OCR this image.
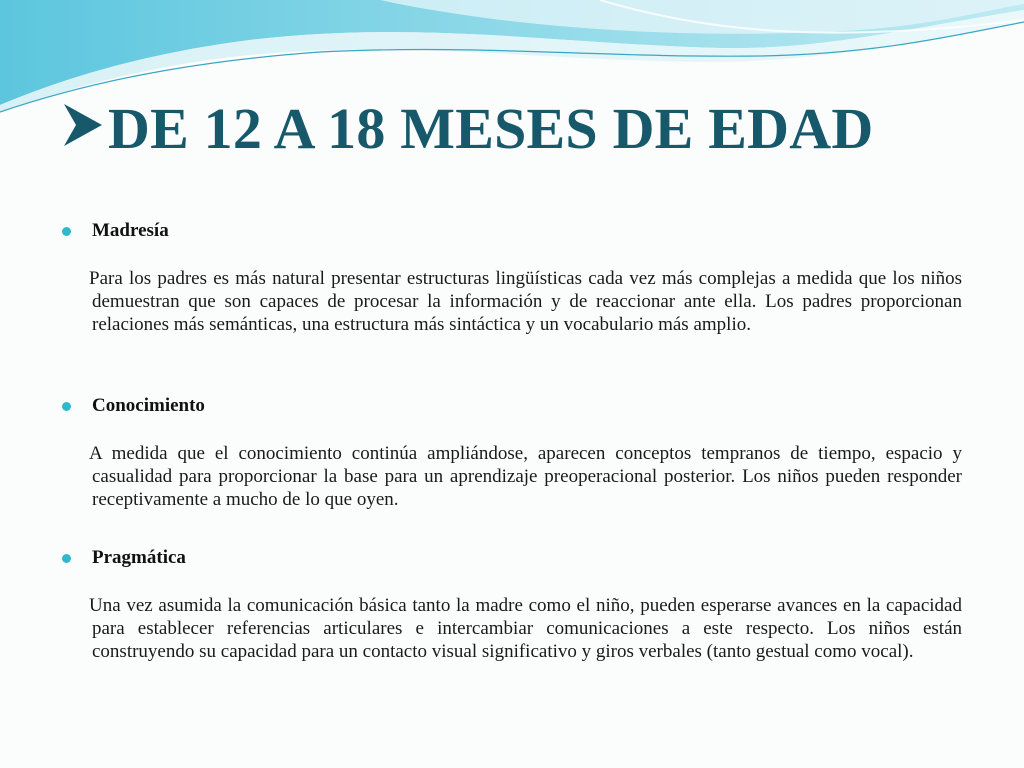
DE 12 A 18 MESES DE EDAD
Madresía

Para los padres es más natural presentar estructuras lingüísticas cada vez más complejas a medida que los niños demuestran que son capaces de procesar la información y de reaccionar ante ella. Los padres proporcionan relaciones más semánticas, una estructura más sintáctica y un vocabulario más amplio.

Conocimiento

A medida que el conocimiento continúa ampliándose, aparecen conceptos tempranos de tiempo, espacio y casualidad para proporcionar la base para un aprendizaje preoperacional posterior. Los niños pueden responder receptivamente a mucho de lo que oyen.

Pragmática

Una vez asumida la comunicación básica tanto la madre como el niño, pueden esperarse avances en la capacidad para establecer referencias articulares e intercambiar comunicaciones a este respecto. Los niños están construyendo su capacidad para un contacto visual significativo y giros verbales (tanto gestual como vocal).
